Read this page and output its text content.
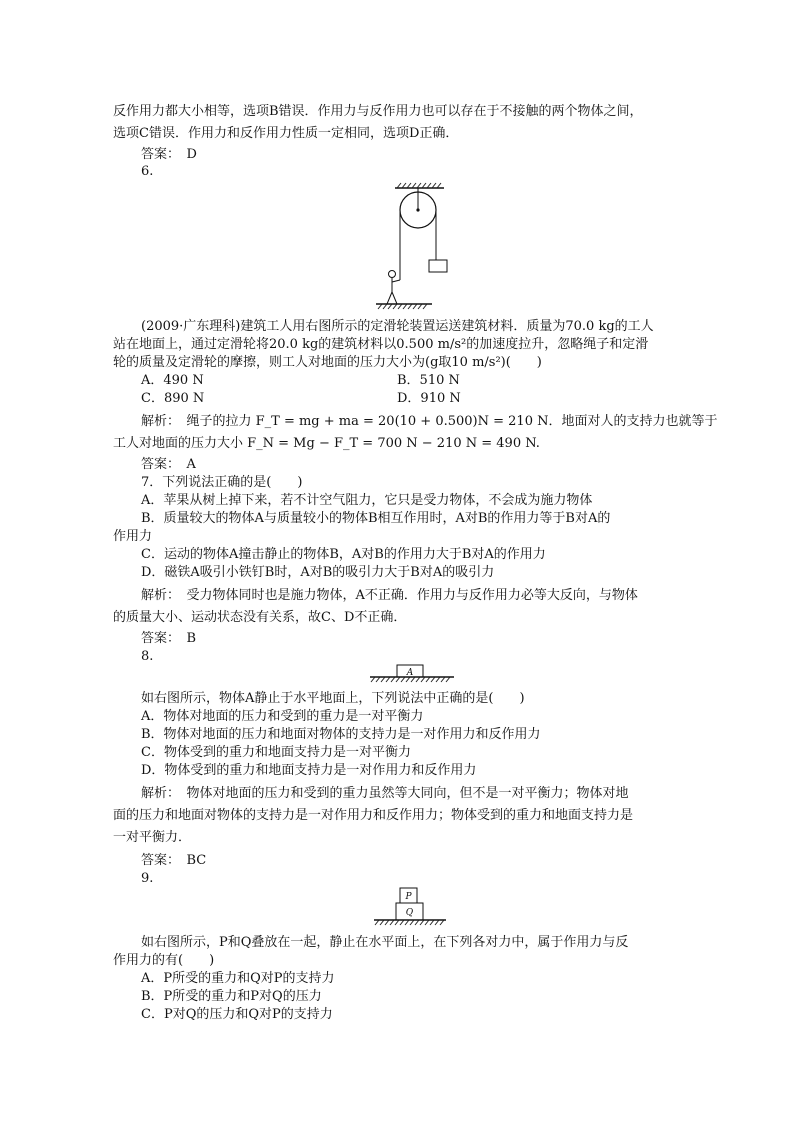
反作用力都大小相等，选项B错误．作用力与反作用力也可以存在于不接触的两个物体之间，
选项C错误．作用力和反作用力性质一定相同，选项D正确．
答案：　D
6.
(2009·广东理科)建筑工人用右图所示的定滑轮装置运送建筑材料．质量为70.0 kg的工人
站在地面上，通过定滑轮将20.0 kg的建筑材料以0.500 m/s²的加速度拉升，忽略绳子和定滑
轮的质量及定滑轮的摩擦，则工人对地面的压力大小为(g取10 m/s²)(　　)
A．490 N	B．510 N
C．890 N	D．910 N
解析：　绳子的拉力 F_T = mg + ma = 20(10 + 0.500)N = 210 N．地面对人的支持力也就等于
工人对地面的压力大小 F_N = Mg − F_T = 700 N − 210 N = 490 N.
答案：　A
7．下列说法正确的是(　　)
A．苹果从树上掉下来，若不计空气阻力，它只是受力物体，不会成为施力物体
B．质量较大的物体A与质量较小的物体B相互作用时，A对B的作用力等于B对A的
作用力
C．运动的物体A撞击静止的物体B，A对B的作用力大于B对A的作用力
D．磁铁A吸引小铁钉B时，A对B的吸引力大于B对A的吸引力
解析：　受力物体同时也是施力物体，A不正确．作用力与反作用力必等大反向，与物体
的质量大小、运动状态没有关系，故C、D不正确．
答案：　B
8.
A
如右图所示，物体A静止于水平地面上，下列说法中正确的是(　　)
A．物体对地面的压力和受到的重力是一对平衡力
B．物体对地面的压力和地面对物体的支持力是一对作用力和反作用力
C．物体受到的重力和地面支持力是一对平衡力
D．物体受到的重力和地面支持力是一对作用力和反作用力
解析：　物体对地面的压力和受到的重力虽然等大同向，但不是一对平衡力；物体对地
面的压力和地面对物体的支持力是一对作用力和反作用力；物体受到的重力和地面支持力是
一对平衡力．
答案：　BC
9.
P
Q
如右图所示，P和Q叠放在一起，静止在水平面上，在下列各对力中，属于作用力与反
作用力的有(　　)
A．P所受的重力和Q对P的支持力
B．P所受的重力和P对Q的压力
C．P对Q的压力和Q对P的支持力
